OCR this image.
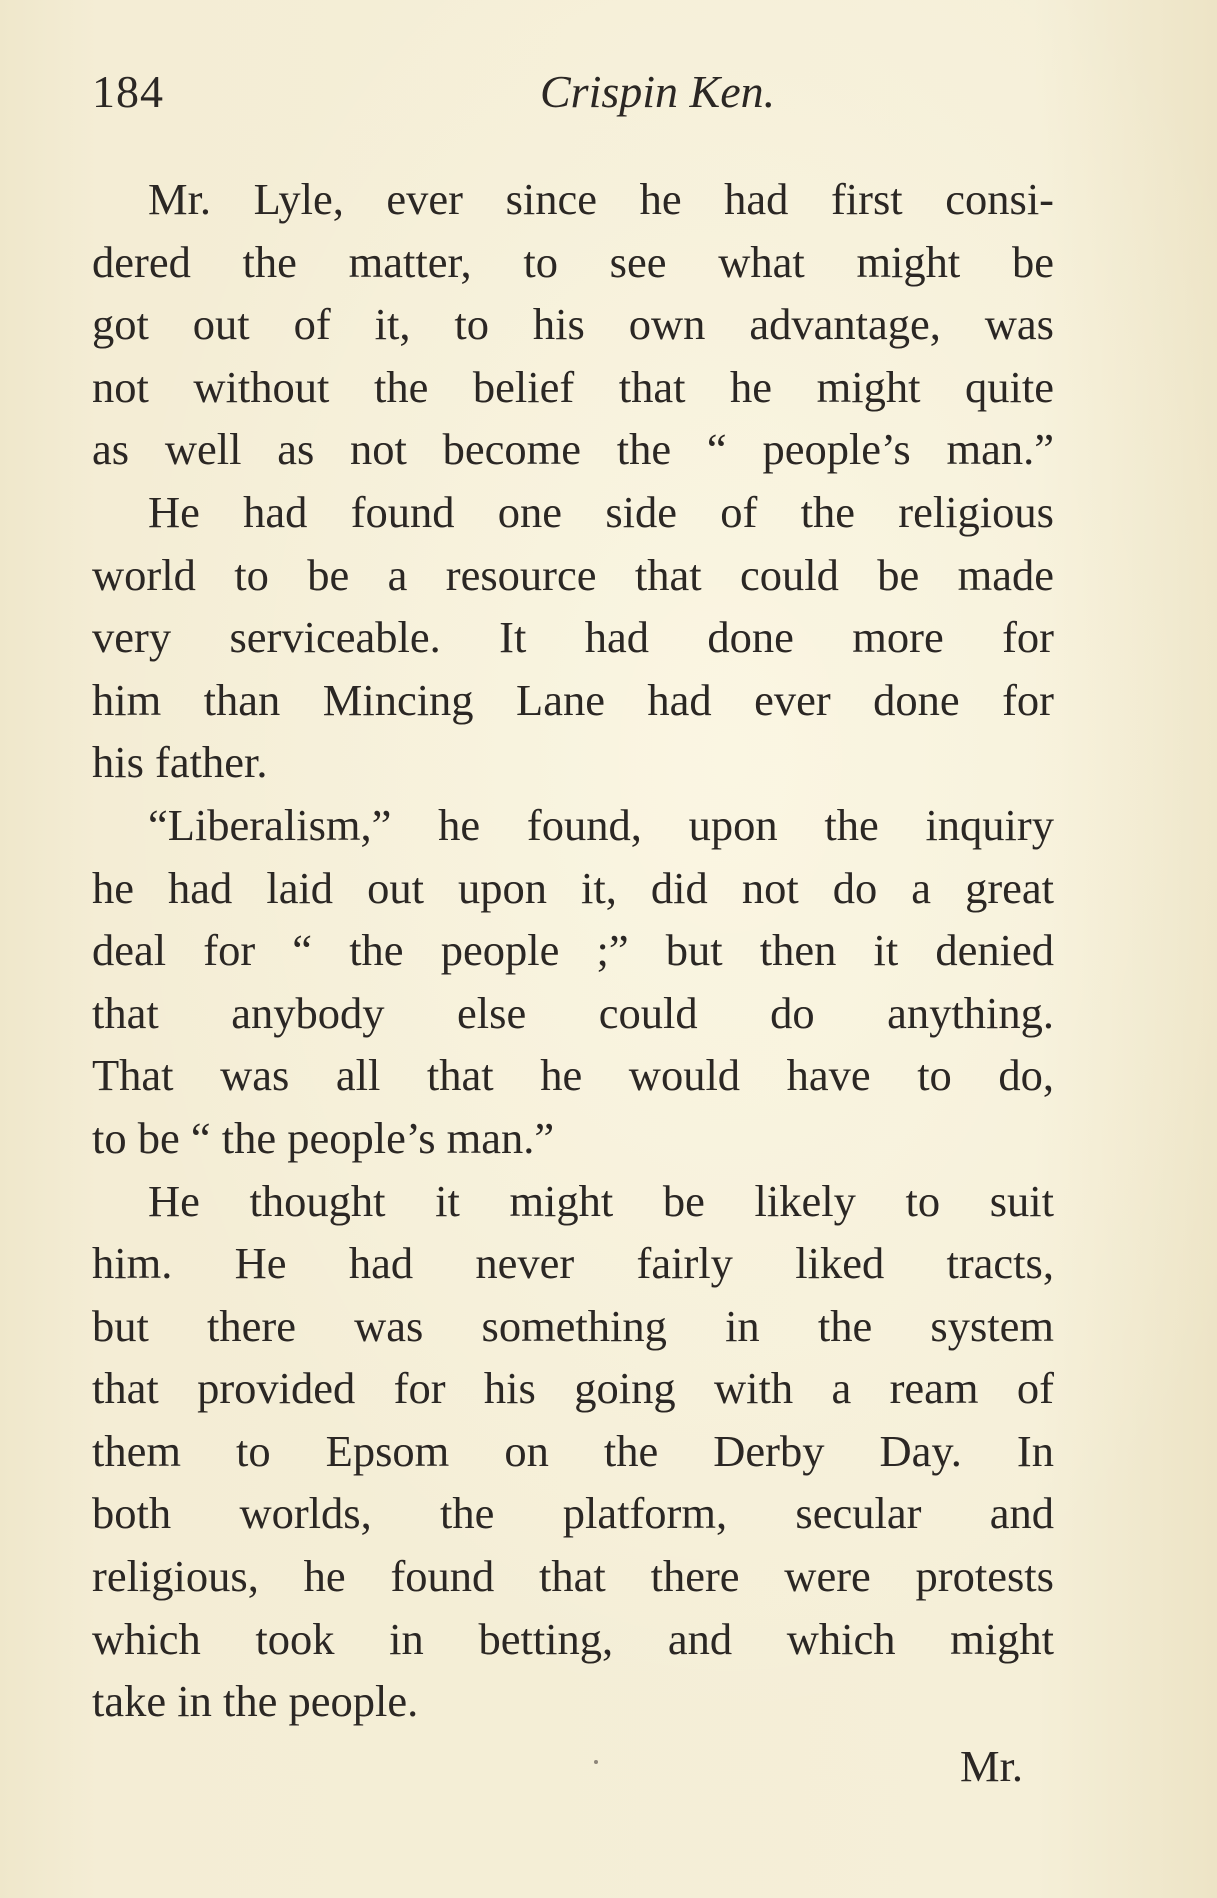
184	Crispin Ken.
Mr. Lyle, ever since he had first consi-
dered the matter, to see what might be
got out of it, to his own advantage, was
not without the belief that he might quite
as well as not become the “ people’s man.”
He had found one side of the religious
world to be a resource that could be made
very serviceable. It had done more for
him than Mincing Lane had ever done for
his father.
“Liberalism,” he found, upon the inquiry
he had laid out upon it, did not do a great
deal for “ the people ;” but then it denied
that anybody else could do anything.
That was all that he would have to do,
to be “ the people’s man.”
He thought it might be likely to suit
him. He had never fairly liked tracts,
but there was something in the system
that provided for his going with a ream of
them to Epsom on the Derby Day. In
both worlds, the platform, secular and
religious, he found that there were protests
which took in betting, and which might
take in the people.
Mr.
